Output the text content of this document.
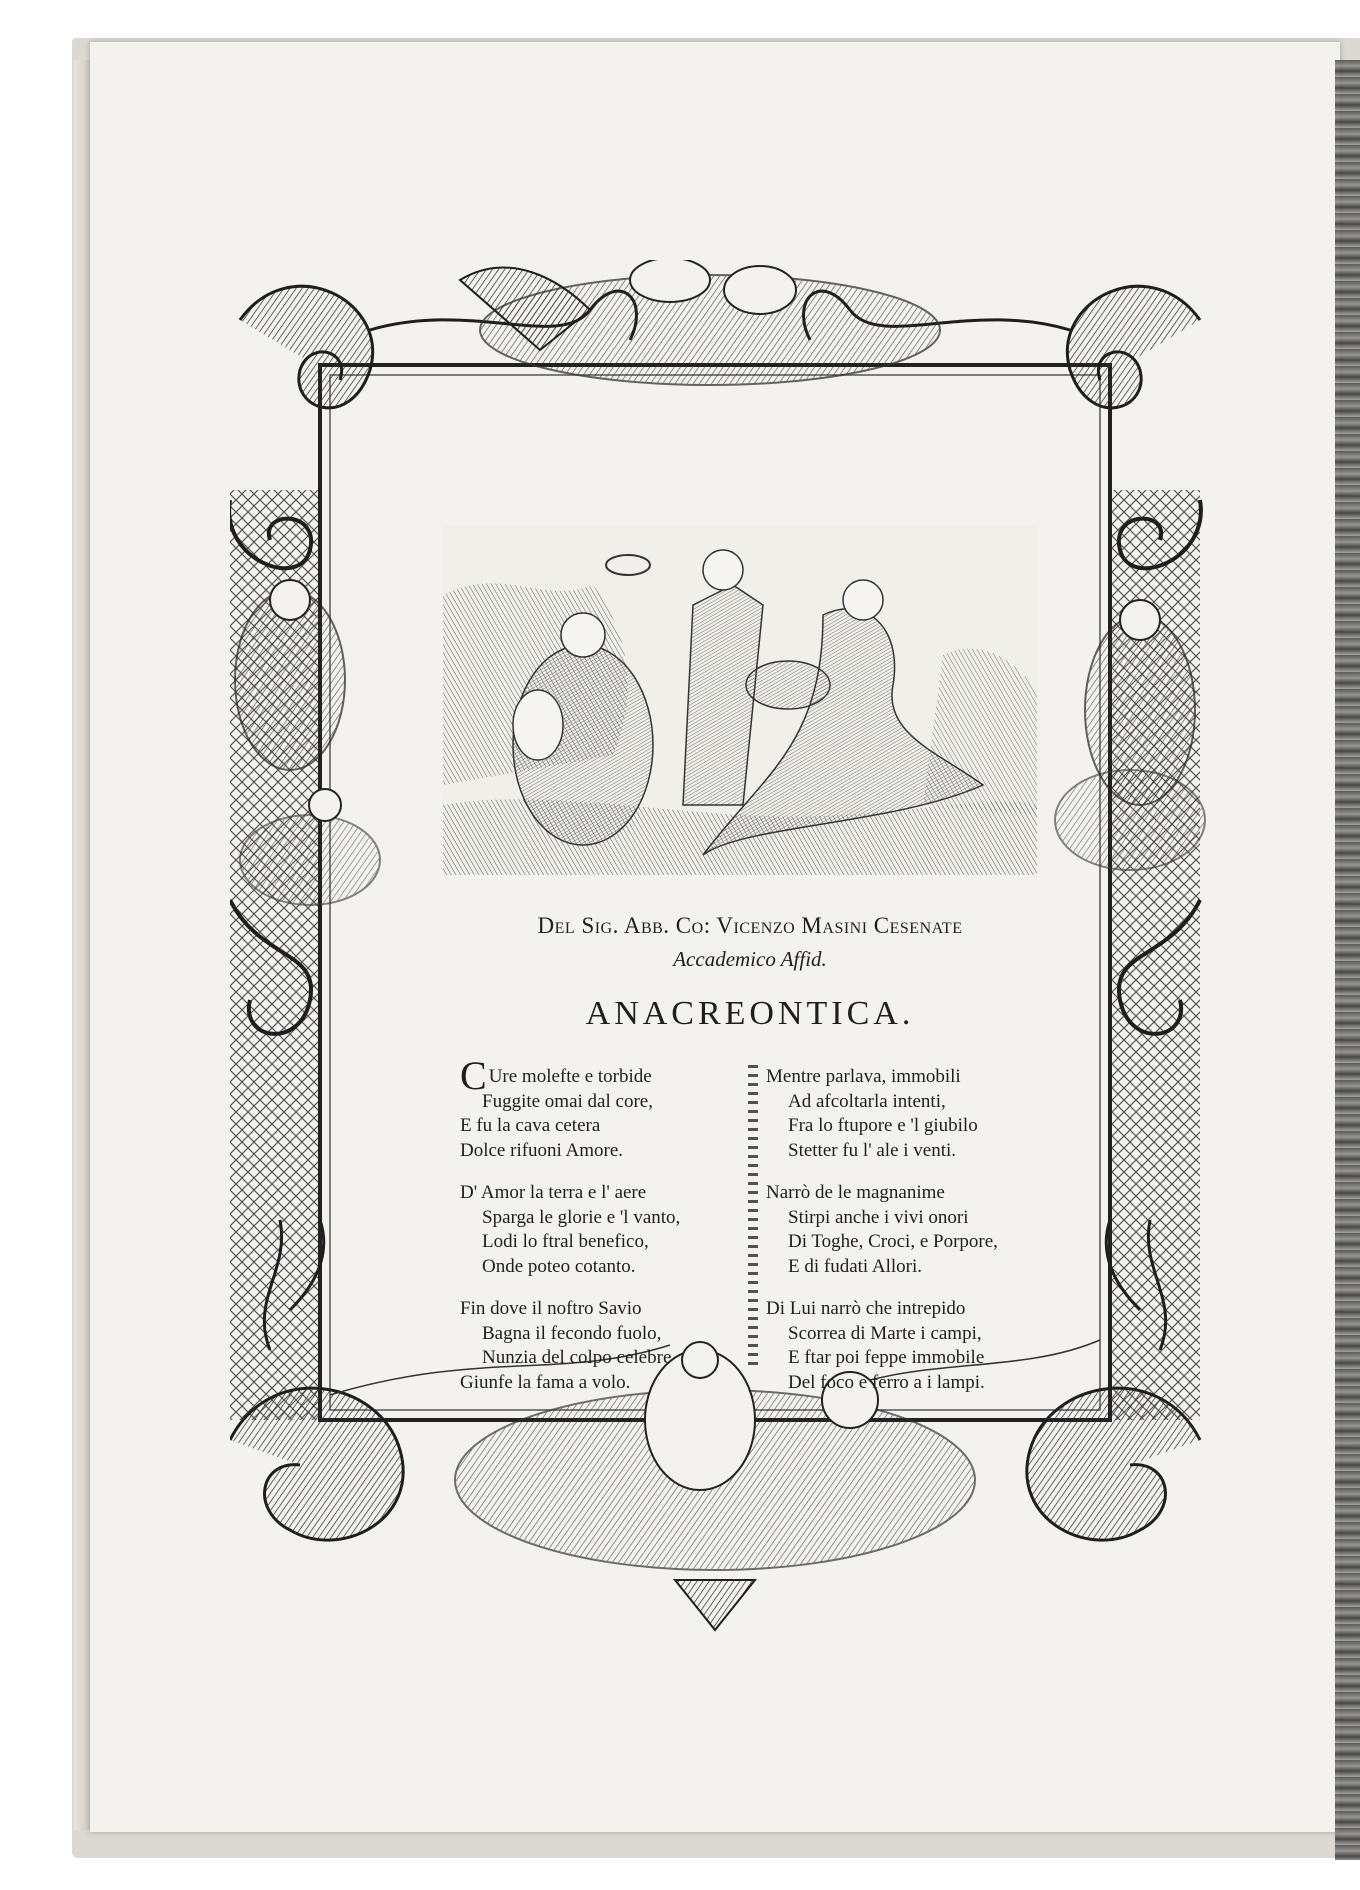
Del Sig. Abb. Co: Vicenzo Masini Cesenate
Accademico Affid.
ANACREONTICA.
C Ure molefte e torbide
Fuggite omai dal core,
E fu la cava cetera
Dolce rifuoni Amore.
D' Amor la terra e l' aere
Sparga le glorie e 'l vanto,
Lodi lo ftral benefico,
Onde poteo cotanto.
Fin dove il noftro Savio
Bagna il fecondo fuolo,
Nunzia del colpo celebre
Giunfe la fama a volo.
Mentre parlava, immobili
Ad afcoltarla intenti,
Fra lo ftupore e 'l giubilo
Stetter fu l' ale i venti.
Narrò de le magnanime
Stirpi anche i vivi onori
Di Toghe, Croci, e Porpore,
E di fudati Allori.
Di Lui narrò che intrepido
Scorrea di Marte i campi,
E ftar poi feppe immobile
Del foco e ferro a i lampi.
